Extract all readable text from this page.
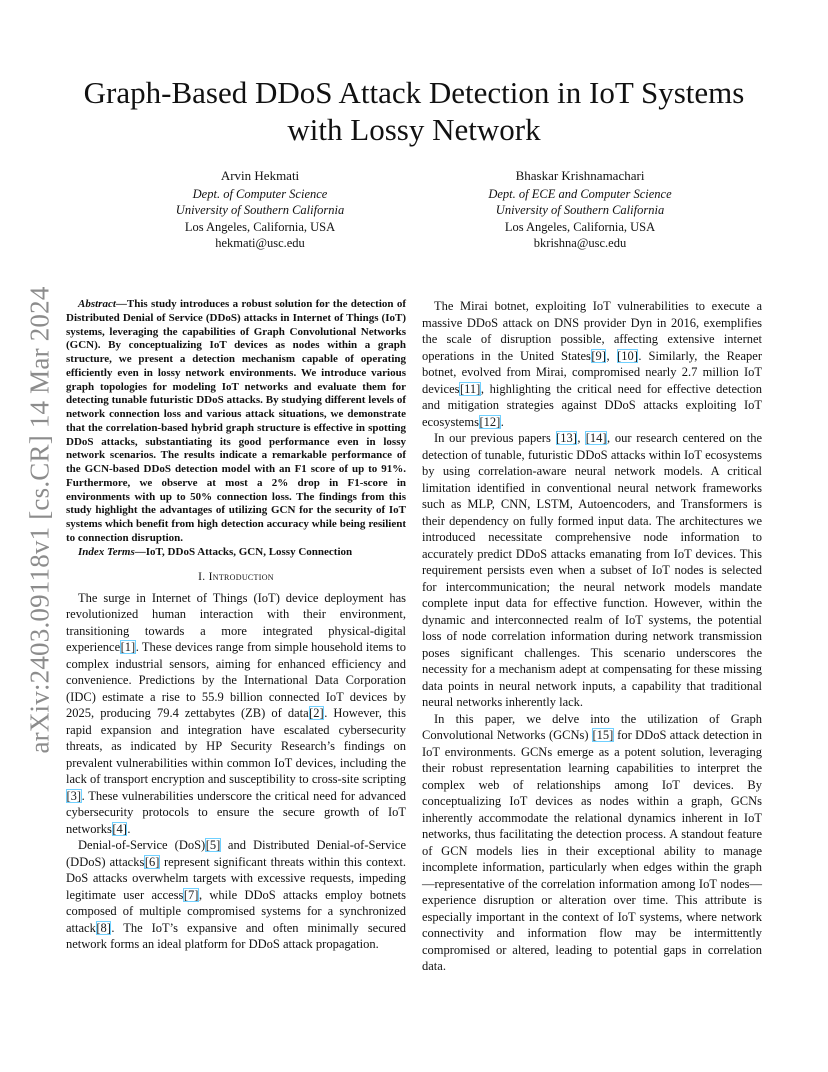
arXiv:2403.09118v1 [cs.CR] 14 Mar 2024
Graph-Based DDoS Attack Detection in IoT Systems with Lossy Network
Arvin Hekmati
Dept. of Computer Science
University of Southern California
Los Angeles, California, USA
hekmati@usc.edu
Bhaskar Krishnamachari
Dept. of ECE and Computer Science
University of Southern California
Los Angeles, California, USA
bkrishna@usc.edu

Abstract—This study introduces a robust solution for the detection of Distributed Denial of Service (DDoS) attacks in Internet of Things (IoT) systems, leveraging the capabilities of Graph Convolutional Networks (GCN). By conceptualizing IoT devices as nodes within a graph structure, we present a detection mechanism capable of operating efficiently even in lossy network environments. We introduce various graph topologies for modeling IoT networks and evaluate them for detecting tunable futuristic DDoS attacks. By studying different levels of network connection loss and various attack situations, we demonstrate that the correlation-based hybrid graph structure is effective in spotting DDoS attacks, substantiating its good performance even in lossy network scenarios. The results indicate a remarkable performance of the GCN-based DDoS detection model with an F1 score of up to 91%. Furthermore, we observe at most a 2% drop in F1-score in environments with up to 50% connection loss. The findings from this study highlight the advantages of utilizing GCN for the security of IoT systems which benefit from high detection accuracy while being resilient to connection disruption.

Index Terms—IoT, DDoS Attacks, GCN, Lossy Connection

I. Introduction

The surge in Internet of Things (IoT) device deployment has revolutionized human interaction with their environment, transitioning towards a more integrated physical-digital experience[1]. These devices range from simple household items to complex industrial sensors, aiming for enhanced efficiency and convenience. Predictions by the International Data Corporation (IDC) estimate a rise to 55.9 billion connected IoT devices by 2025, producing 79.4 zettabytes (ZB) of data[2]. However, this rapid expansion and integration have escalated cybersecurity threats, as indicated by HP Security Research’s findings on prevalent vulnerabilities within common IoT devices, including the lack of transport encryption and susceptibility to cross-site scripting [3]. These vulnerabilities underscore the critical need for advanced cybersecurity protocols to ensure the secure growth of IoT networks[4].

Denial-of-Service (DoS)[5] and Distributed Denial-of-Service (DDoS) attacks[6] represent significant threats within this context. DoS attacks overwhelm targets with excessive requests, impeding legitimate user access[7], while DDoS attacks employ botnets composed of multiple compromised systems for a synchronized attack[8]. The IoT’s expansive and often minimally secured network forms an ideal platform for DDoS attack propagation.

The Mirai botnet, exploiting IoT vulnerabilities to execute a massive DDoS attack on DNS provider Dyn in 2016, exemplifies the scale of disruption possible, affecting extensive internet operations in the United States[9], [10]. Similarly, the Reaper botnet, evolved from Mirai, compromised nearly 2.7 million IoT devices[11], highlighting the critical need for effective detection and mitigation strategies against DDoS attacks exploiting IoT ecosystems[12].

In our previous papers [13], [14], our research centered on the detection of tunable, futuristic DDoS attacks within IoT ecosystems by using correlation-aware neural network models. A critical limitation identified in conventional neural network frameworks such as MLP, CNN, LSTM, Autoencoders, and Transformers is their dependency on fully formed input data. The architectures we introduced necessitate comprehensive node information to accurately predict DDoS attacks emanating from IoT devices. This requirement persists even when a subset of IoT nodes is selected for intercommunication; the neural network models mandate complete input data for effective function. However, within the dynamic and interconnected realm of IoT systems, the potential loss of node correlation information during network transmission poses significant challenges. This scenario underscores the necessity for a mechanism adept at compensating for these missing data points in neural network inputs, a capability that traditional neural networks inherently lack.

In this paper, we delve into the utilization of Graph Convolutional Networks (GCNs) [15] for DDoS attack detection in IoT environments. GCNs emerge as a potent solution, leveraging their robust representation learning capabilities to interpret the complex web of relationships among IoT devices. By conceptualizing IoT devices as nodes within a graph, GCNs inherently accommodate the relational dynamics inherent in IoT networks, thus facilitating the detection process. A standout feature of GCN models lies in their exceptional ability to manage incomplete information, particularly when edges within the graph—representative of the correlation information among IoT nodes—experience disruption or alteration over time. This attribute is especially important in the context of IoT systems, where network connectivity and information flow may be intermittently compromised or altered, leading to potential gaps in correlation data.
